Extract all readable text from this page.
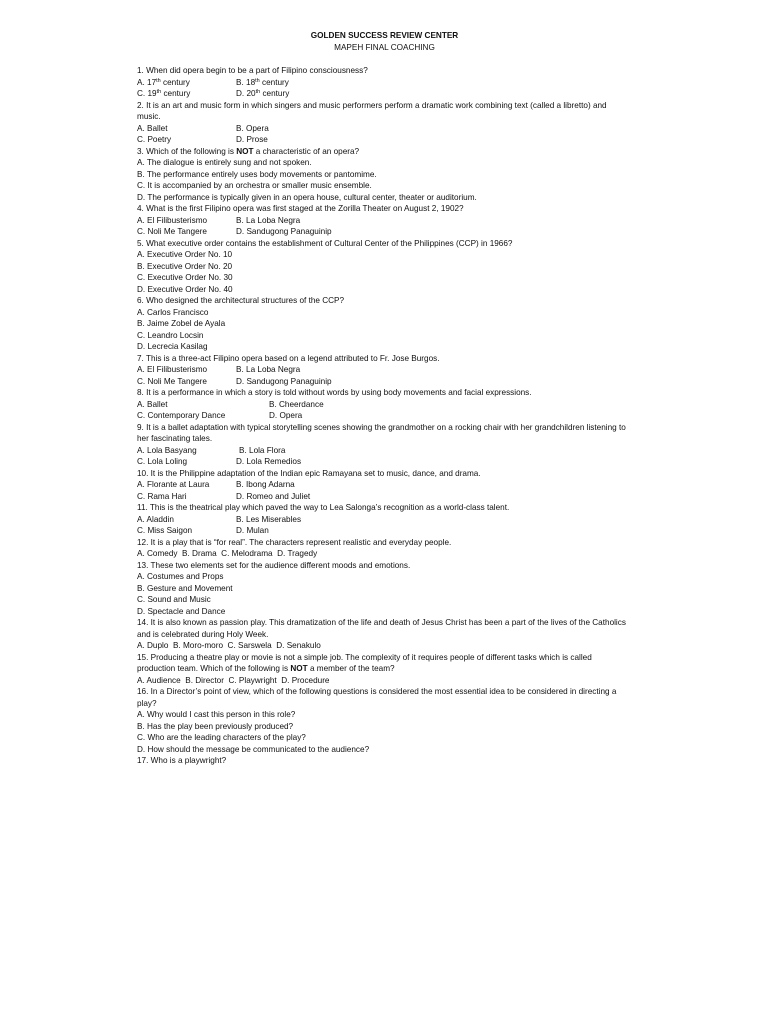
GOLDEN SUCCESS REVIEW CENTER
MAPEH FINAL COACHING
1. When did opera begin to be a part of Filipino consciousness?
A. 17th century	B. 18th century
C. 19th century	D. 20th century
2. It is an art and music form in which singers and music performers perform a dramatic work combining text (called a libretto) and music.
A. Ballet	B. Opera
C. Poetry	D. Prose
3. Which of the following is NOT a characteristic of an opera?
A. The dialogue is entirely sung and not spoken.
B. The performance entirely uses body movements or pantomime.
C. It is accompanied by an orchestra or smaller music ensemble.
D. The performance is typically given in an opera house, cultural center, theater or auditorium.
4. What is the first Filipino opera was first staged at the Zorilla Theater on August 2, 1902?
A. El Filibusterismo	B. La Loba Negra
C. Noli Me Tangere	D. Sandugong Panaguinip
5. What executive order contains the establishment of Cultural Center of the Philippines (CCP) in 1966?
A. Executive Order No. 10
B. Executive Order No. 20
C. Executive Order No. 30
D. Executive Order No. 40
6. Who designed the architectural structures of the CCP?
A. Carlos Francisco
B. Jaime Zobel de Ayala
C. Leandro Locsin
D. Lecrecia Kasilag
7. This is a three-act Filipino opera based on a legend attributed to Fr. Jose Burgos.
A. El Filibusterismo	B. La Loba Negra
C. Noli Me Tangere	D. Sandugong Panaguinip
8. It is a performance in which a story is told without words by using body movements and facial expressions.
A. Ballet	B. Cheerdance
C. Contemporary Dance	D. Opera
9. It is a ballet adaptation with typical storytelling scenes showing the grandmother on a rocking chair with her grandchildren listening to her fascinating tales.
A. Lola Basyang	B. Lola Flora
C. Lola Loling	D. Lola Remedios
10. It is the Philippine adaptation of the Indian epic Ramayana set to music, dance, and drama.
A. Florante at Laura	B. Ibong Adarna
C. Rama Hari	D. Romeo and Juliet
11. This is the theatrical play which paved the way to Lea Salonga’s recognition as a world-class talent.
A. Aladdin	B. Les Miserables
C. Miss Saigon	D. Mulan
12. It is a play that is “for real”. The characters represent realistic and everyday people.
A. Comedy  B. Drama  C. Melodrama  D. Tragedy
13. These two elements set for the audience different moods and emotions.
A. Costumes and Props
B. Gesture and Movement
C. Sound and Music
D. Spectacle and Dance
14. It is also known as passion play. This dramatization of the life and death of Jesus Christ has been a part of the lives of the Catholics and is celebrated during Holy Week.
A. Duplo  B. Moro-moro  C. Sarswela  D. Senakulo
15. Producing a theatre play or movie is not a simple job. The complexity of it requires people of different tasks which is called production team. Which of the following is NOT a member of the team?
A. Audience  B. Director  C. Playwright  D. Procedure
16. In a Director’s point of view, which of the following questions is considered the most essential idea to be considered in directing a play?
A. Why would I cast this person in this role?
B. Has the play been previously produced?
C. Who are the leading characters of the play?
D. How should the message be communicated to the audience?
17. Who is a playwright?
